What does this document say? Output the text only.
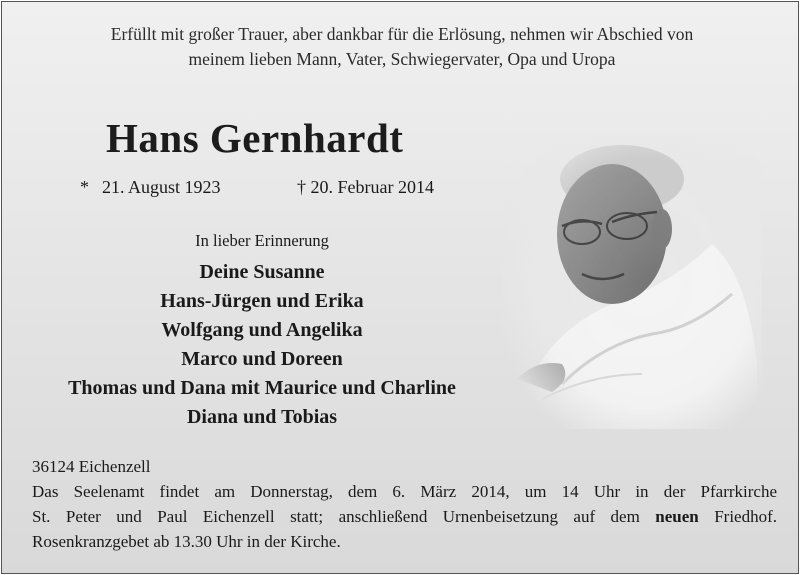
Erfüllt mit großer Trauer, aber dankbar für die Erlösung, nehmen wir Abschied von
meinem lieben Mann, Vater, Schwiegervater, Opa und Uropa
Hans Gernhardt
* 21. August 1923	† 20. Februar 2014
In lieber Erinnerung
Deine Susanne
Hans-Jürgen und Erika
Wolfgang und Angelika
Marco und Doreen
Thomas und Dana mit Maurice und Charline
Diana und Tobias
36124 Eichenzell
Das Seelenamt findet am Donnerstag, dem 6. März 2014, um 14 Uhr in der Pfarrkirche
St. Peter und Paul Eichenzell statt; anschließend Urnenbeisetzung auf dem neuen Friedhof.
Rosenkranzgebet ab 13.30 Uhr in der Kirche.
